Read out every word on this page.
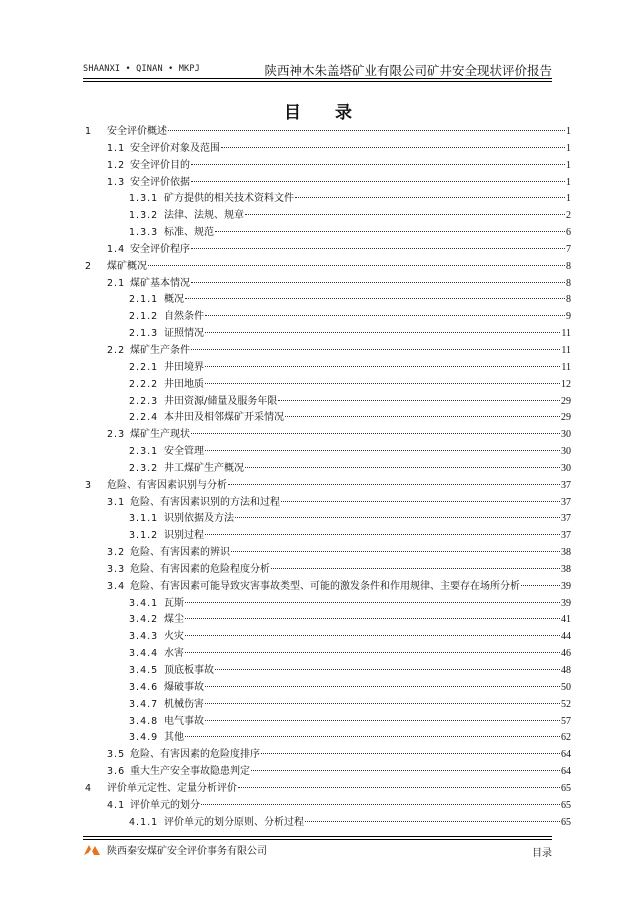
SHAANXI • QINAN • MKPJ	陕西神木朱盖塔矿业有限公司矿井安全现状评价报告
目 录
1	安全评价概述	1
1.1 安全评价对象及范围	1
1.2 安全评价目的	1
1.3 安全评价依据	1
1.3.1 矿方提供的相关技术资料文件	1
1.3.2 法律、法规、规章	2
1.3.3 标准、规范	6
1.4 安全评价程序	7
2	煤矿概况	8
2.1 煤矿基本情况	8
2.1.1 概况	8
2.1.2 自然条件	9
2.1.3 证照情况	11
2.2 煤矿生产条件	11
2.2.1 井田境界	11
2.2.2 井田地质	12
2.2.3 井田资源/储量及服务年限	29
2.2.4 本井田及相邻煤矿开采情况	29
2.3 煤矿生产现状	30
2.3.1 安全管理	30
2.3.2 井工煤矿生产概况	30
3	危险、有害因素识别与分析	37
3.1 危险、有害因素识别的方法和过程	37
3.1.1 识别依据及方法	37
3.1.2 识别过程	37
3.2 危险、有害因素的辨识	38
3.3 危险、有害因素的危险程度分析	38
3.4 危险、有害因素可能导致灾害事故类型、可能的激发条件和作用规律、主要存在场所分析	39
3.4.1 瓦斯	39
3.4.2 煤尘	41
3.4.3 火灾	44
3.4.4 水害	46
3.4.5 顶底板事故	48
3.4.6 爆破事故	50
3.4.7 机械伤害	52
3.4.8 电气事故	57
3.4.9 其他	62
3.5 危险、有害因素的危险度排序	64
3.6 重大生产安全事故隐患判定	64
4	评价单元定性、定量分析评价	65
4.1 评价单元的划分	65
4.1.1 评价单元的划分原则、分析过程	65
陕西秦安煤矿安全评价事务有限公司	目录
